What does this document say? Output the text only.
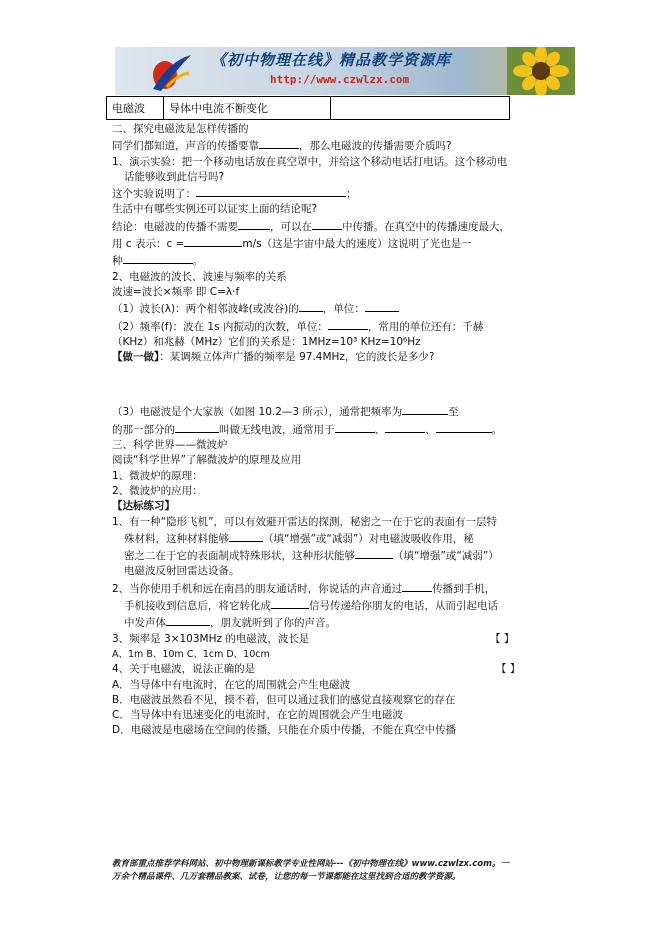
《初中物理在线》精品教学资源库
http://www.czwlzx.com
电磁波	导体中电流不断变化	
二、探究电磁波是怎样传播的
同学们都知道，声音的传播要靠	，那么电磁波的传播需要介质吗?
1、演示实验：把一个移动电话放在真空罩中，并给这个移动电话打电话。这个移动电
话能够收到此信号吗?
这个实验说明了：	；
生活中有哪些实例还可以证实上面的结论呢?
结论：电磁波的传播不需要	，可以在	中传播。在真空中的传播速度最大，
用 c 表示：c =	m/s（这是宇宙中最大的速度）这说明了光也是一
种	。
2、电磁波的波长、波速与频率的关系
波速=波长×频率 即 C=λ·f
（1）波长(λ)：两个相邻波峰(或波谷)的 ，单位：
（2）频率(f)：波在 1s 内振动的次数，单位：	，常用的单位还有：千赫
（KHz）和兆赫（MHz）它们的关系是：1MHz=10³ KHz=10⁶Hz
【做一做】：某调频立体声广播的频率是 97.4MHz，它的波长是多少?
（3）电磁波是个大家族（如图 10.2—3 所示），通常把频率为	至
的那一部分的	叫做无线电波，通常用于	、	、	。
三、科学世界——微波炉
阅读“科学世界”了解微波炉的原理及应用
1、微波炉的原理：
2、微波炉的应用：
【达标练习】
1、有一种“隐形飞机”，可以有效避开雷达的探测，秘密之一在于它的表面有一层特
殊材料，这种材料能够	（填“增强”或“减弱”）对电磁波吸收作用，秘
密之二在于它的表面制成特殊形状，这种形状能够	（填“增强”或“减弱”）
电磁波反射回雷达设备。
2、当你使用手机和远在南昌的朋友通话时，你说话的声音通过	传播到手机，
手机接收到信息后，将它转化成	信号传递给你朋友的电话，从而引起电话
中发声体	，朋友就听到了你的声音。
3、频率是 3×103MHz 的电磁波，波长是	【 】
A、1m B、10m C、1cm D、10cm
4、关于电磁波，说法正确的是	【 】
A．当导体中有电流时，在它的周围就会产生电磁波
B．电磁波虽然看不见，摸不着，但可以通过我们的感觉直接观察它的存在
C．当导体中有迅速变化的电流时，在它的周围就会产生电磁波
D．电磁波是电磁场在空间的传播，只能在介质中传播，不能在真空中传播
教育部重点推荐学科网站、初中物理新课标教学专业性网站---《初中物理在线》www.czwlzx.com。一
万余个精品课件、几万套精品教案、试卷，让您的每一节课都能在这里找到合适的教学资源。
